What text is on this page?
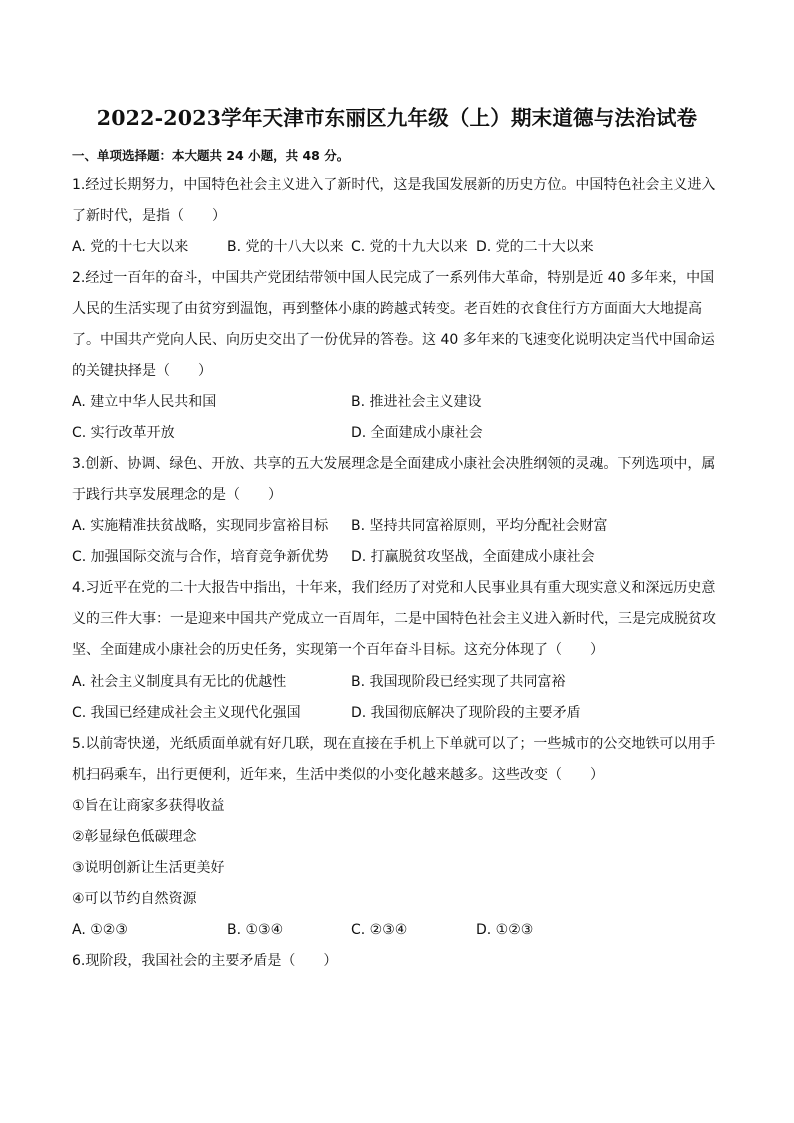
2022-2023学年天津市东丽区九年级（上）期末道德与法治试卷
一、单项选择题：本大题共 24 小题，共 48 分。
1.经过长期努力，中国特色社会主义进入了新时代，这是我国发展新的历史方位。中国特色社会主义进入
了新时代，是指（　　）
A. 党的十七大以来	B. 党的十八大以来 C. 党的十九大以来 D. 党的二十大以来
2.经过一百年的奋斗，中国共产党团结带领中国人民完成了一系列伟大革命，特别是近 40 多年来，中国
人民的生活实现了由贫穷到温饱，再到整体小康的跨越式转变。老百姓的衣食住行方方面面大大地提高
了。中国共产党向人民、向历史交出了一份优异的答卷。这 40 多年来的飞速变化说明决定当代中国命运
的关键抉择是（　　）
A. 建立中华人民共和国	B. 推进社会主义建设
C. 实行改革开放	D. 全面建成小康社会
3.创新、协调、绿色、开放、共享的五大发展理念是全面建成小康社会决胜纲领的灵魂。下列选项中，属
于践行共享发展理念的是（　　）
A. 实施精准扶贫战略，实现同步富裕目标 B. 坚持共同富裕原则，平均分配社会财富
C. 加强国际交流与合作，培育竞争新优势 D. 打赢脱贫攻坚战，全面建成小康社会
4.习近平在党的二十大报告中指出，十年来，我们经历了对党和人民事业具有重大现实意义和深远历史意
义的三件大事：一是迎来中国共产党成立一百周年，二是中国特色社会主义进入新时代，三是完成脱贫攻
坚、全面建成小康社会的历史任务，实现第一个百年奋斗目标。这充分体现了（　　）
A. 社会主义制度具有无比的优越性	B. 我国现阶段已经实现了共同富裕
C. 我国已经建成社会主义现代化强国	D. 我国彻底解决了现阶段的主要矛盾
5.以前寄快递，光纸质面单就有好几联，现在直接在手机上下单就可以了；一些城市的公交地铁可以用手
机扫码乘车，出行更便利，近年来，生活中类似的小变化越来越多。这些改变（　　）
①旨在让商家多获得收益
②彰显绿色低碳理念
③说明创新让生活更美好
④可以节约自然资源
A. ①②③	B. ①③④	C. ②③④	D. ①②③
6.现阶段，我国社会的主要矛盾是（　　）
